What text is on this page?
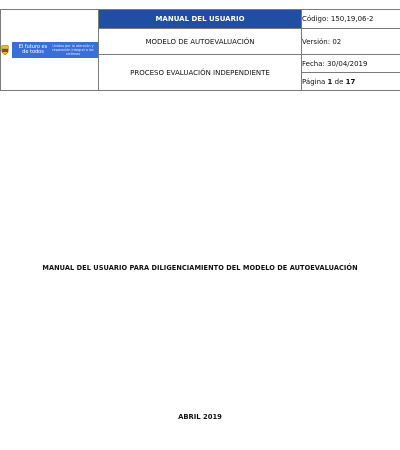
El futuro es de todos
Unidos por la atención y reparación integral a las víctimas	MANUAL DEL USUARIO	Código: 150,19,06-2
	MODELO DE AUTOEVALUACIÓN	Versión: 02
	PROCESO EVALUACIÓN INDEPENDIENTE	Fecha: 30/04/2019
		Página 1 de 17
MANUAL DEL USUARIO PARA DILIGENCIAMIENTO DEL MODELO DE AUTOEVALUACIÓN
ABRIL 2019
